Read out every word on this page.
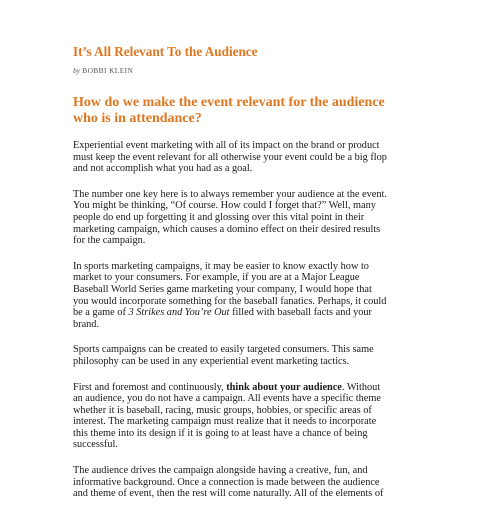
It’s All Relevant To the Audience
by BOBBI KLEIN
How do we make the event relevant for the audience
who is in attendance?

Experiential event marketing with all of its impact on the brand or product
must keep the event relevant for all otherwise your event could be a big flop
and not accomplish what you had as a goal.

The number one key here is to always remember your audience at the event.
You might be thinking, “Of course. How could I forget that?” Well, many
people do end up forgetting it and glossing over this vital point in their
marketing campaign, which causes a domino effect on their desired results
for the campaign.

In sports marketing campaigns, it may be easier to know exactly how to
market to your consumers. For example, if you are at a Major League
Baseball World Series game marketing your company, I would hope that
you would incorporate something for the baseball fanatics. Perhaps, it could
be a game of 3 Strikes and You’re Out filled with baseball facts and your
brand.

Sports campaigns can be created to easily targeted consumers. This same
philosophy can be used in any experiential event marketing tactics.

First and foremost and continuously, think about your audience. Without
an audience, you do not have a campaign. All events have a specific theme
whether it is baseball, racing, music groups, hobbies, or specific areas of
interest. The marketing campaign must realize that it needs to incorporate
this theme into its design if it is going to at least have a chance of being
successful.

The audience drives the campaign alongside having a creative, fun, and
informative background. Once a connection is made between the audience
and theme of event, then the rest will come naturally. All of the elements of
